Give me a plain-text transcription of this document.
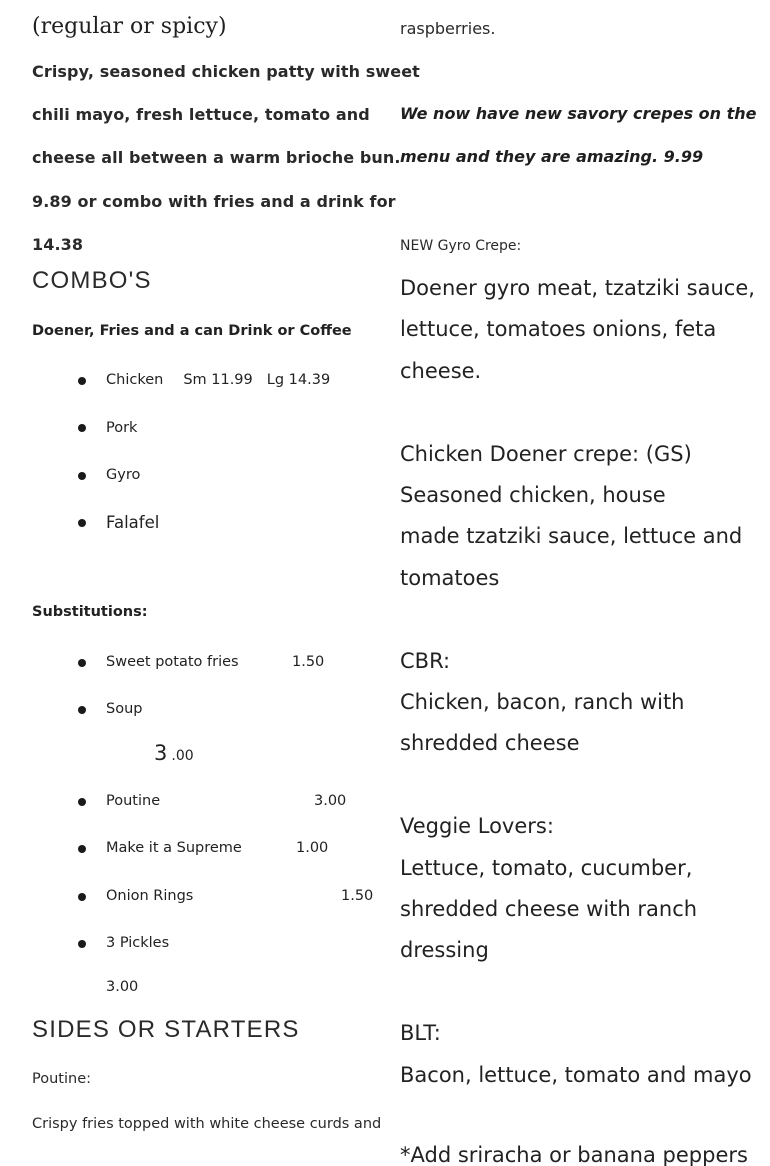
(regular or spicy)
Crispy, seasoned chicken patty with sweet
chili mayo, fresh lettuce, tomato and
cheese all between a warm brioche bun.
9.89 or combo with fries and a drink for
14.38
COMBO'S
Doener, Fries and a can Drink or Coffee
Chicken Sm 11.99 Lg 14.39
Pork
Gyro
Falafel
Substitutions:
Sweet potato fries	1.50
Soup
3 .00
Poutine	3.00
Make it a Supreme	1.00
Onion Rings	1.50
3 Pickles
3.00
SIDES OR STARTERS
Poutine:
Crispy fries topped with white cheese curds and
raspberries.
We now have new savory crepes on the
menu and they are amazing. 9.99
NEW Gyro Crepe:
Doener gyro meat, tzatziki sauce,
lettuce, tomatoes onions, feta
cheese.
Chicken Doener crepe: (GS)
Seasoned chicken, house
made tzatziki sauce, lettuce and
tomatoes
CBR:
Chicken, bacon, ranch with
shredded cheese
Veggie Lovers:
Lettuce, tomato, cucumber,
shredded cheese with ranch
dressing
BLT:
Bacon, lettuce, tomato and mayo
*Add sriracha or banana peppers
